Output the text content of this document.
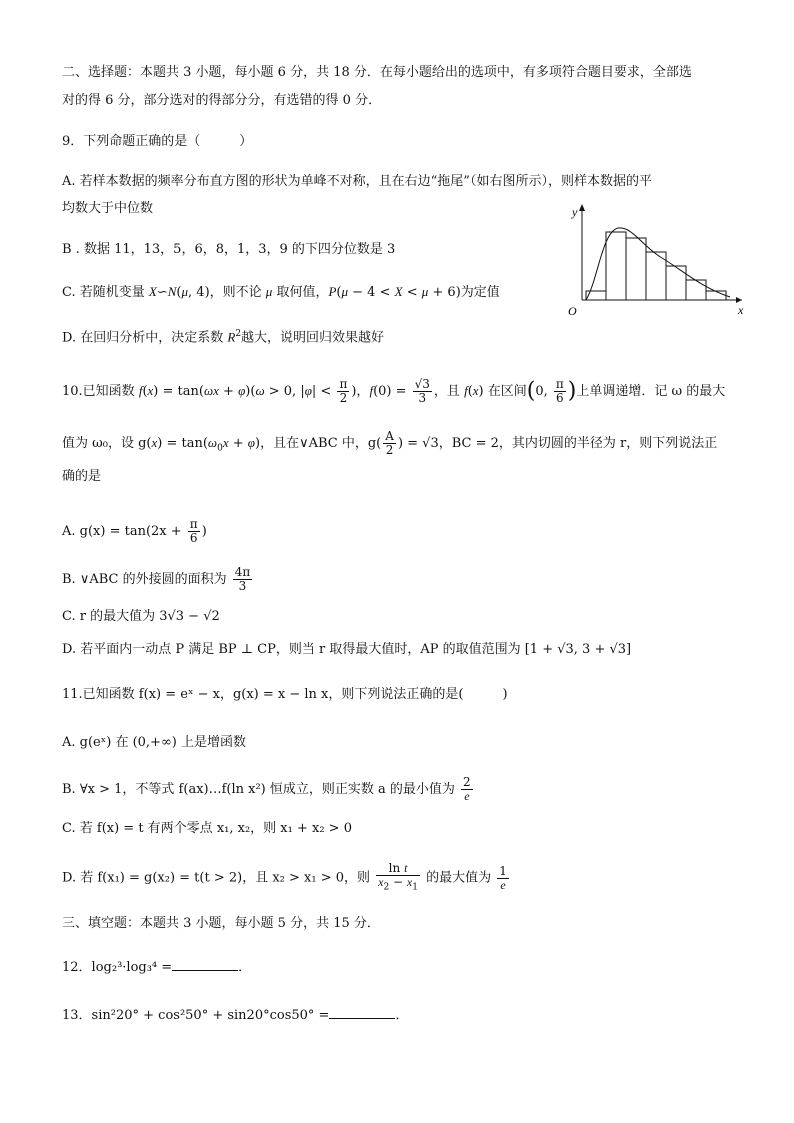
二、选择题：本题共 3 小题，每小题 6 分，共 18 分．在每小题给出的选项中，有多项符合题目要求，全部选
对的得 6 分，部分选对的得部分分，有选错的得 0 分．
9．下列命题正确的是（　　　）
A. 若样本数据的频率分布直方图的形状为单峰不对称，且在右边“拖尾”（如右图所示），则样本数据的平
均数大于中位数
B . 数据 11，13，5，6，8，1，3，9 的下四分位数是 3
C. 若随机变量 X∽N(μ, 4)，则不论 μ 取何值，P(μ − 4 < X < μ + 6)为定值
D. 在回归分析中，决定系数 $R^2$越大，说明回归效果越好
y
x
O
10.已知函数 f(x) = tan(ωx + φ)(ω > 0, $|\varphi| < \frac{\pi}{2}$ )，$f(0) = \frac{√3}{3}$ ，且 f(x) 在区间(0, $\frac{\pi}{6}$ )上单调递增．记 ω 的最大
值为 ω₀，设 $g(x) = \tan(\omega_0x + \varphi)$，且在∨ABC 中，$g( \frac{A}{2}$ ) = √3，BC = 2，其内切圆的半径为 r，则下列说法正
确的是
A. $g(x) = \tan(2x + \frac{\pi}{6}$ )
B. ∨ABC 的外接圆的面积为 $\frac{4\pi}{3}$
C. r 的最大值为 3√3 − √2
D. 若平面内一动点 P 满足 BP ⊥ CP，则当 r 取得最大值时，AP 的取值范围为 [1 + √3, 3 + √3]
11.已知函数 f(x) = eˣ − x，g(x) = x − ln x，则下列说法正确的是(　　　)
A. g(eˣ) 在 (0,+∞) 上是增函数
B. ∀x > 1，不等式 f(ax)…f(ln x²) 恒成立，则正实数 a 的最小值为 $\frac{2}{e}$
C. 若 f(x) = t 有两个零点 x₁, x₂，则 x₁ + x₂ > 0
D. 若 f(x₁) = g(x₂) = t(t > 2)，且 x₂ > x₁ > 0，则 $\frac{\text{ln t}}{x_2 - x_1}$ 的最大值为 $\frac{1}{e}$
三、填空题：本题共 3 小题，每小题 5 分，共 15 分．
12．log₂³·log₃⁴ =	．
13．sin²20° + cos²50° + sin20°cos50° =	．
